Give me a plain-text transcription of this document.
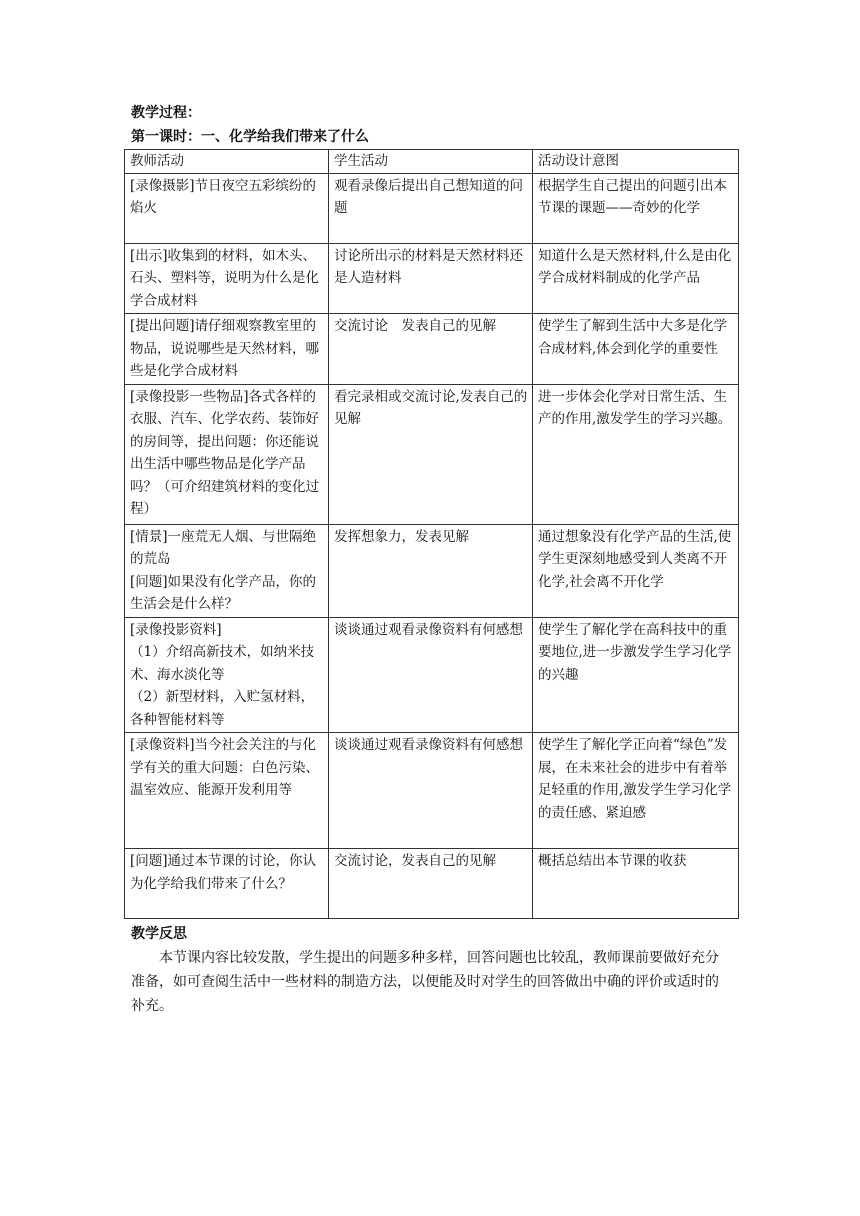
教学过程：
第一课时：一、化学给我们带来了什么
教师活动	学生活动	活动设计意图
[录像摄影]节日夜空五彩缤纷的焰火	观看录像后提出自己想知道的问题	根据学生自己提出的问题引出本节课的课题——奇妙的化学
[出示]收集到的材料，如木头、石头、塑料等，说明为什么是化学合成材料	讨论所出示的材料是天然材料还是人造材料	知道什么是天然材料,什么是由化学合成材料制成的化学产品
[提出问题]请仔细观察教室里的物品，说说哪些是天然材料，哪些是化学合成材料	交流讨论　发表自己的见解	使学生了解到生活中大多是化学合成材料,体会到化学的重要性
[录像投影一些物品]各式各样的衣服、汽车、化学农药、装饰好的房间等，提出问题：你还能说出生活中哪些物品是化学产品吗？（可介绍建筑材料的变化过程）	看完录相或交流讨论,发表自己的见解	进一步体会化学对日常生活、生产的作用,激发学生的学习兴趣。
[情景]一座荒无人烟、与世隔绝的荒岛
[问题]如果没有化学产品，你的生活会是什么样？	发挥想象力，发表见解	通过想象没有化学产品的生活,使学生更深刻地感受到人类离不开化学,社会离不开化学
[录像投影资料]
（1）介绍高新技术，如纳米技术、海水淡化等
（2）新型材料，入贮氢材料，各种智能材料等	谈谈通过观看录像资料有何感想	使学生了解化学在高科技中的重要地位,进一步激发学生学习化学的兴趣
[录像资料]当今社会关注的与化学有关的重大问题：白色污染、温室效应、能源开发利用等	谈谈通过观看录像资料有何感想	使学生了解化学正向着“绿色”发展，在未来社会的进步中有着举足轻重的作用,激发学生学习化学的责任感、紧迫感
[问题]通过本节课的讨论，你认为化学给我们带来了什么？	交流讨论，发表自己的见解	概括总结出本节课的收获
教学反思

本节课内容比较发散，学生提出的问题多种多样，回答问题也比较乱，教师课前要做好充分准备，如可查阅生活中一些材料的制造方法，以便能及时对学生的回答做出中确的评价或适时的补充。
